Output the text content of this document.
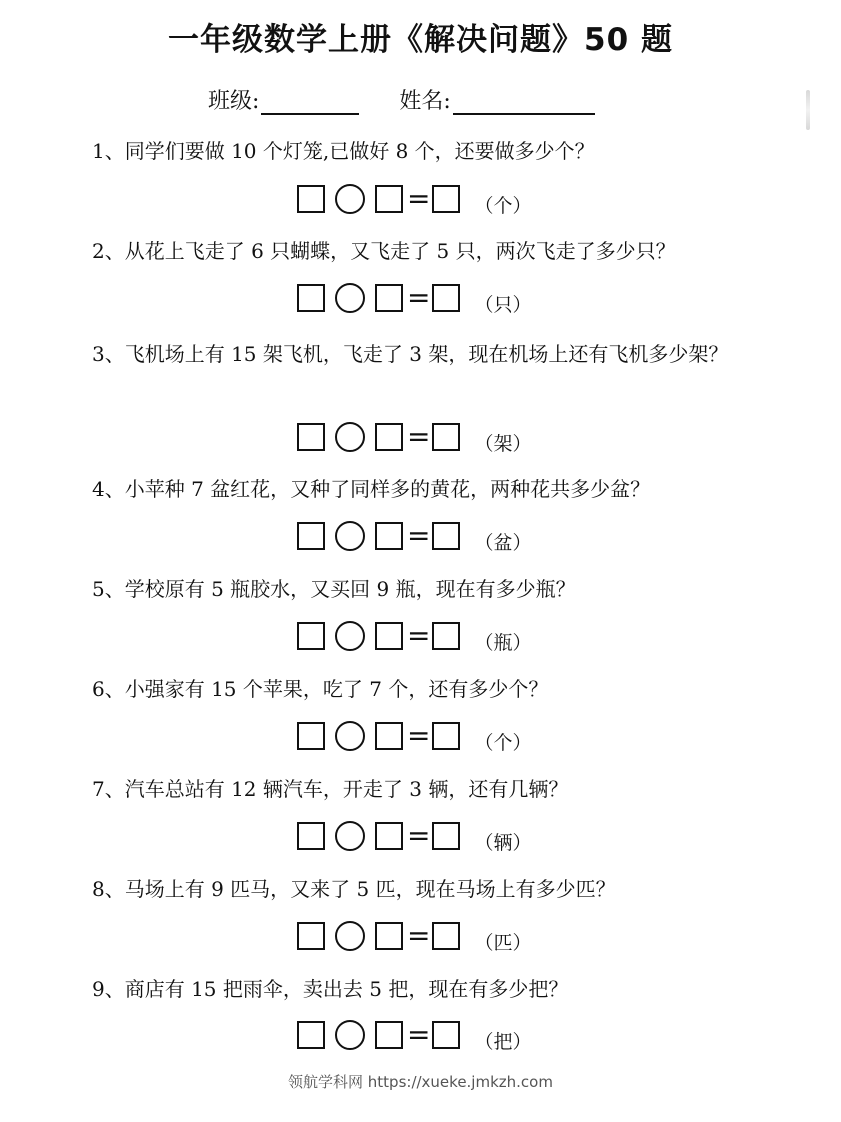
一年级数学上册《解决问题》50 题
班级:	姓名:
1、同学们要做 10 个灯笼,已做好 8 个，还要做多少个？
= （个）
2、从花上飞走了 6 只蝴蝶，又飞走了 5 只，两次飞走了多少只？
= （只）
3、飞机场上有 15 架飞机，飞走了 3 架，现在机场上还有飞机多少架？
= （架）
4、小苹种 7 盆红花，又种了同样多的黄花，两种花共多少盆？
= （盆）
5、学校原有 5 瓶胶水，又买回 9 瓶，现在有多少瓶？
= （瓶）
6、小强家有 15 个苹果，吃了 7 个，还有多少个？
= （个）
7、汽车总站有 12 辆汽车，开走了 3 辆，还有几辆？
= （辆）
8、马场上有 9 匹马，又来了 5 匹，现在马场上有多少匹？
= （匹）
9、商店有 15 把雨伞，卖出去 5 把，现在有多少把？
= （把）
领航学科网 https://xueke.jmkzh.com
